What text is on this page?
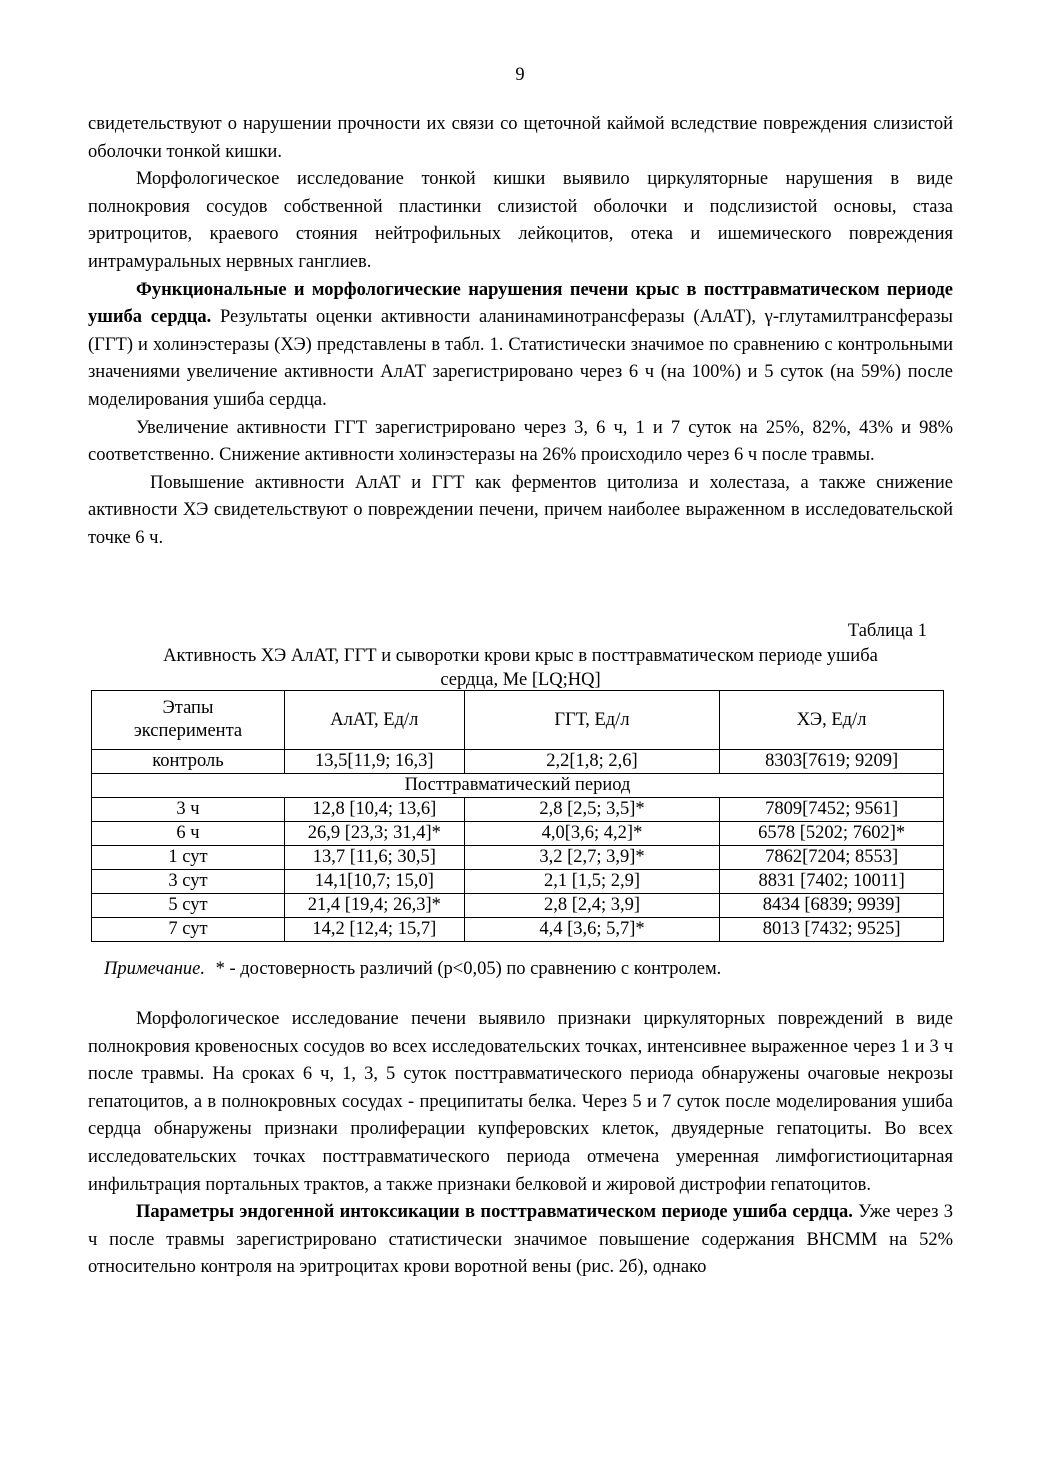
9

свидетельствуют о нарушении прочности их связи со щеточной каймой вследствие повреждения слизистой оболочки тонкой кишки.

Морфологическое исследование тонкой кишки выявило циркуляторные нарушения в виде полнокровия сосудов собственной пластинки слизистой оболочки и подслизистой основы, стаза эритроцитов, краевого стояния нейтрофильных лейкоцитов, отека и ишемического повреждения интрамуральных нервных ганглиев.

Функциональные и морфологические нарушения печени крыс в посттравматическом периоде ушиба сердца. Результаты оценки активности аланинаминотрансферазы (АлАТ), γ-глутамилтрансферазы (ГГТ) и холинэстеразы (ХЭ) представлены в табл. 1. Статистически значимое по сравнению с контрольными значениями увеличение активности АлАТ зарегистрировано через 6 ч (на 100%) и 5 суток (на 59%) после моделирования ушиба сердца.

Увеличение активности ГГТ зарегистрировано через 3, 6 ч, 1 и 7 суток на 25%, 82%, 43% и 98% соответственно. Снижение активности холинэстеразы на 26% происходило через 6 ч после травмы.

Повышение активности АлАТ и ГГТ как ферментов цитолиза и холестаза, а также снижение активности ХЭ свидетельствуют о повреждении печени, причем наиболее выраженном в исследовательской точке 6 ч.

Таблица 1
Активность ХЭ АлАТ, ГГТ и сыворотки крови крыс в посттравматическом периоде ушиба
сердца, Ме [LQ;HQ]
Этапы эксперимента	АлАТ, Ед/л	ГГТ, Ед/л	ХЭ, Ед/л
контроль	13,5[11,9; 16,3]	2,2[1,8; 2,6]	8303[7619; 9209]
Посттравматический период			
3 ч	12,8 [10,4; 13,6]	2,8 [2,5; 3,5]*	7809[7452; 9561]
6 ч	26,9 [23,3; 31,4]*	4,0[3,6; 4,2]*	6578 [5202; 7602]*
1 сут	13,7 [11,6; 30,5]	3,2 [2,7; 3,9]*	7862[7204; 8553]
3 сут	14,1[10,7; 15,0]	2,1 [1,5; 2,9]	8831 [7402; 10011]
5 сут	21,4 [19,4; 26,3]*	2,8 [2,4; 3,9]	8434 [6839; 9939]
7 сут	14,2 [12,4; 15,7]	4,4 [3,6; 5,7]*	8013 [7432; 9525]
Примечание. * - достоверность различий (p<0,05) по сравнению с контролем.

Морфологическое исследование печени выявило признаки циркуляторных повреждений в виде полнокровия кровеносных сосудов во всех исследовательских точках, интенсивнее выраженное через 1 и 3 ч после травмы. На сроках 6 ч, 1, 3, 5 суток посттравматического периода обнаружены очаговые некрозы гепатоцитов, а в полнокровных сосудах - преципитаты белка. Через 5 и 7 суток после моделирования ушиба сердца обнаружены признаки пролиферации купферовских клеток, двуядерные гепатоциты. Во всех исследовательских точках посттравматического периода отмечена умеренная лимфогистиоцитарная инфильтрация портальных трактов, а также признаки белковой и жировой дистрофии гепатоцитов.

Параметры эндогенной интоксикации в посттравматическом периоде ушиба сердца. Уже через 3 ч после травмы зарегистрировано статистически значимое повышение содержания ВНСММ на 52% относительно контроля на эритроцитах крови воротной вены (рис. 2б), однако
